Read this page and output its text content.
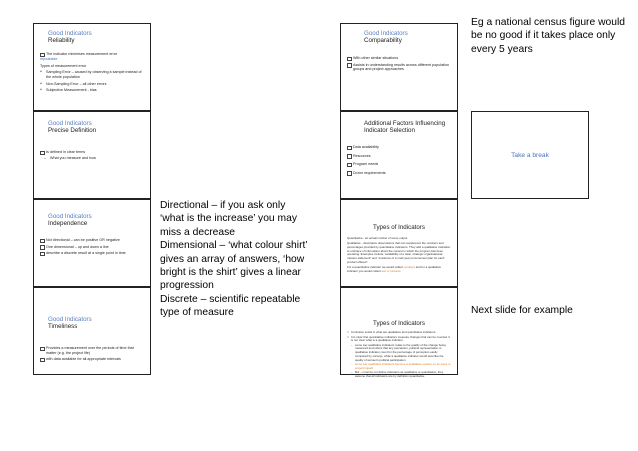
Good Indicators
Reliability
The indicator minimises measurement error
repeatable
Types of measurement error
◆ Sampling Error – caused by observing a sample instead of the whole population
◆ Non-Sampling Error – all other errors
◆ Subjective Measurement - bias
Good Indicators
Precise Definition
Is defined in clear terms
– What you measure and how
Good Indicators
Independence
Not directional – can be positive OR negative
One dimensional – up and down a line
describe a discrete result at a single point in time
Good Indicators
Timeliness
Provides a measurement over the periods of time that matter (e.g. the project life)
with data available for all appropriate intervals
Directional – if you ask only ‘what is the increase’ you may miss a decrease
Dimensional – ‘what colour shirt’ gives an array of answers, ‘how bright is the shirt’ gives a linear progression
Discrete – scientific repeatable type of measure
Good Indicators
Comparability
With other similar situations
Assists in understanding results across different population groups and project approaches
Additional Factors Influencing
Indicator Selection
Data availability
Resources
Program needs
Donor requirements
Types of Indicators

Quantitative - an actual number of some output

Qualitative - descriptive observations that can supplement the numbers and percentages provided by quantitative indicators. They add a qualitative indication to embrace of information about the context in which the program has been operating. Examples include “availability of a clear, strategic organisational mission statement” and “existence of a multi year procurement plan for each product offered”.

For a quantitative indicator we would collect numbers and for a qualitative indicator you would collect text or pictures

Types of Indicators
□ Confusion exists in what are qualitative and quantitative indicators.
□ It is clear that quantitative indicators measure changes that can be counted. It is not clear what is a qualitative indicator.
– some say qualitative indicators relate to the quality of the change being measured and others that any perception, political representation or qualitative indicator count for the percentage of perception easily compared by surveys, while a qualitative indicator would describe the quality of women's political participation
– some say qualitative indicators become a qualitative opinion on an issue or project impact
– But – must be not define indicators as qualitative or quantitative, they assume that all indicators are by definition quantitative
Eg a national census figure would be no good if it takes place only every 5 years
Take a break
Next slide for example
